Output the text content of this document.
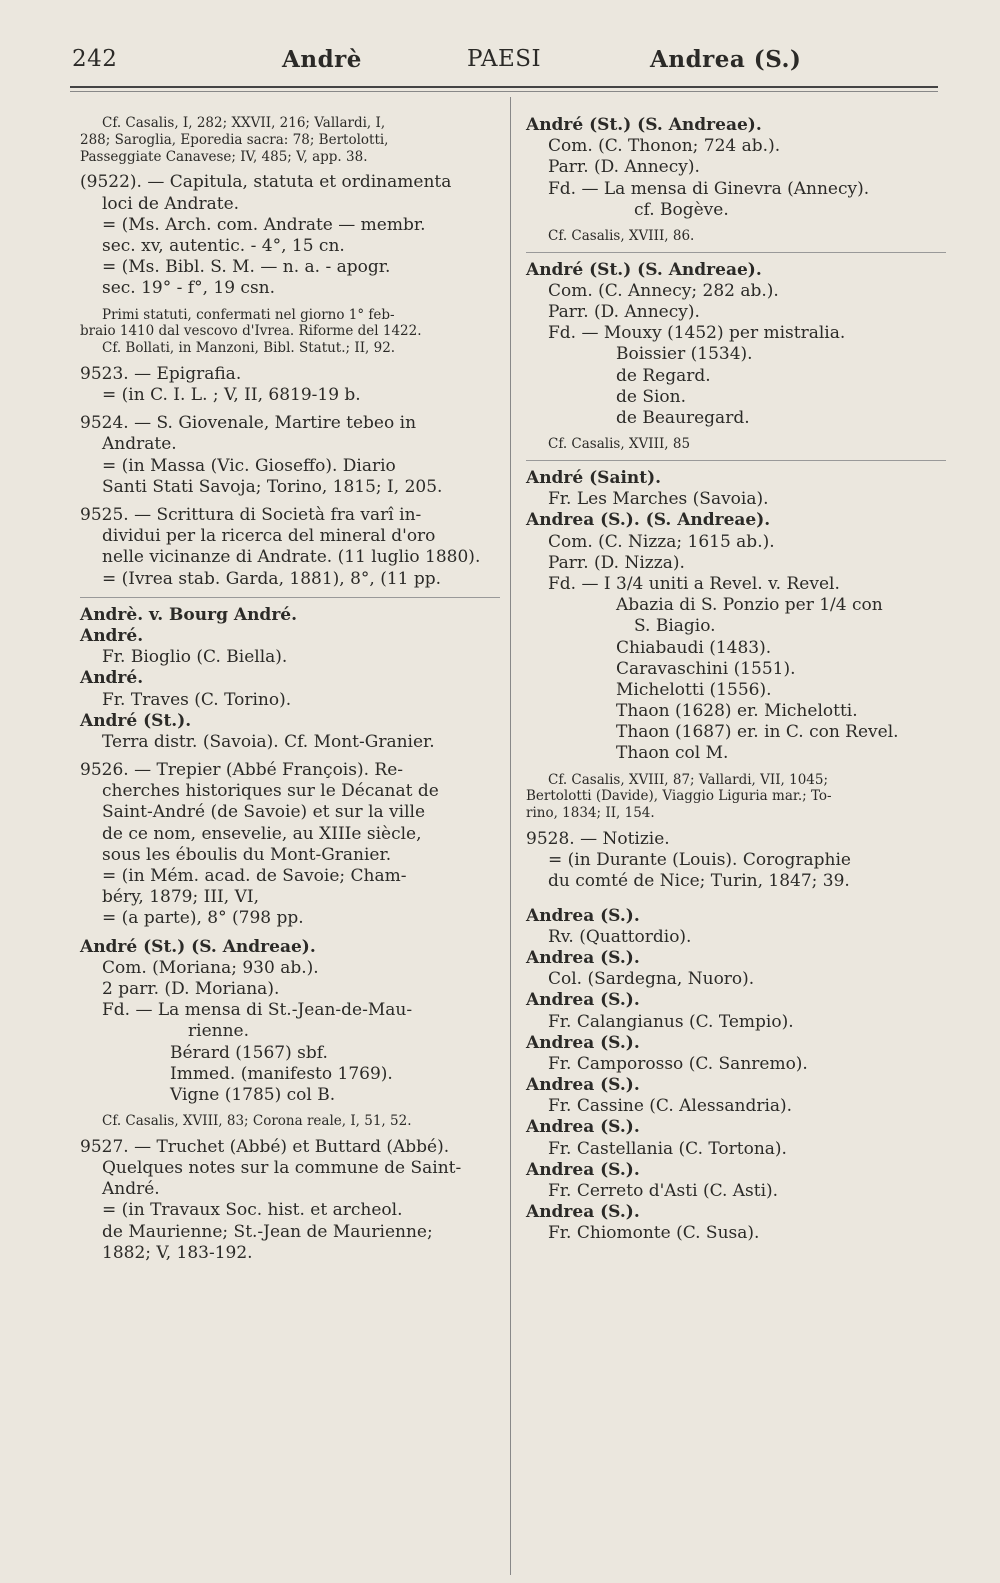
242	Andrè	PAESI	Andrea (S.)
Cf. Casalis, I, 282; XXVII, 216; Vallardi, I,
288; Saroglia, Eporedia sacra: 78; Bertolotti,
Passeggiate Canavese; IV, 485; V, app. 38.
(9522). — Capitula, statuta et ordinamenta
loci de Andrate.
= (Ms. Arch. com. Andrate — membr.
sec. xv, autentic. - 4°, 15 cn.
= (Ms. Bibl. S. M. — n. a. - apogr.
sec. 19° - f°, 19 csn.
Primi statuti, confermati nel giorno 1° feb-
braio 1410 dal vescovo d'Ivrea. Riforme del 1422.
Cf. Bollati, in Manzoni, Bibl. Statut.; II, 92.
9523. — Epigrafia.
= (in C. I. L. ; V, II, 6819-19 b.
9524. — S. Giovenale, Martire tebeo in
Andrate.
= (in Massa (Vic. Gioseffo). Diario
Santi Stati Savoja; Torino, 1815; I, 205.
9525. — Scrittura di Società fra varî in-
dividui per la ricerca del mineral d'oro
nelle vicinanze di Andrate. (11 luglio 1880).
= (Ivrea stab. Garda, 1881), 8°, (11 pp.
Andrè. v. Bourg André.
André.
Fr. Bioglio (C. Biella).
André.
Fr. Traves (C. Torino).
André (St.).
Terra distr. (Savoia). Cf. Mont-Granier.
9526. — Trepier (Abbé François). Re-
cherches historiques sur le Décanat de
Saint-André (de Savoie) et sur la ville
de ce nom, ensevelie, au XIIIe siècle,
sous les éboulis du Mont-Granier.
= (in Mém. acad. de Savoie; Cham-
béry, 1879; III, VI,
= (a parte), 8° (798 pp.
André (St.) (S. Andreae).
Com. (Moriana; 930 ab.).
2 parr. (D. Moriana).
Fd. — La mensa di St.-Jean-de-Mau-
rienne.
Bérard (1567) sbf.
Immed. (manifesto 1769).
Vigne (1785) col B.
Cf. Casalis, XVIII, 83; Corona reale, I, 51, 52.
9527. — Truchet (Abbé) et Buttard (Abbé).
Quelques notes sur la commune de Saint-
André.
= (in Travaux Soc. hist. et archeol.
de Maurienne; St.-Jean de Maurienne;
1882; V, 183-192.
André (St.) (S. Andreae).
Com. (C. Thonon; 724 ab.).
Parr. (D. Annecy).
Fd. — La mensa di Ginevra (Annecy).
cf. Bogève.
Cf. Casalis, XVIII, 86.
André (St.) (S. Andreae).
Com. (C. Annecy; 282 ab.).
Parr. (D. Annecy).
Fd. — Mouxy (1452) per mistralia.
Boissier (1534).
de Regard.
de Sion.
de Beauregard.
Cf. Casalis, XVIII, 85
André (Saint).
Fr. Les Marches (Savoia).
Andrea (S.). (S. Andreae).
Com. (C. Nizza; 1615 ab.).
Parr. (D. Nizza).
Fd. — I 3/4 uniti a Revel. v. Revel.
Abazia di S. Ponzio per 1/4 con
S. Biagio.
Chiabaudi (1483).
Caravaschini (1551).
Michelotti (1556).
Thaon (1628) er. Michelotti.
Thaon (1687) er. in C. con Revel.
Thaon col M.
Cf. Casalis, XVIII, 87; Vallardi, VII, 1045;
Bertolotti (Davide), Viaggio Liguria mar.; To-
rino, 1834; II, 154.
9528. — Notizie.
= (in Durante (Louis). Corographie
du comté de Nice; Turin, 1847; 39.
Andrea (S.).
Rv. (Quattordio).
Andrea (S.).
Col. (Sardegna, Nuoro).
Andrea (S.).
Fr. Calangianus (C. Tempio).
Andrea (S.).
Fr. Camporosso (C. Sanremo).
Andrea (S.).
Fr. Cassine (C. Alessandria).
Andrea (S.).
Fr. Castellania (C. Tortona).
Andrea (S.).
Fr. Cerreto d'Asti (C. Asti).
Andrea (S.).
Fr. Chiomonte (C. Susa).
